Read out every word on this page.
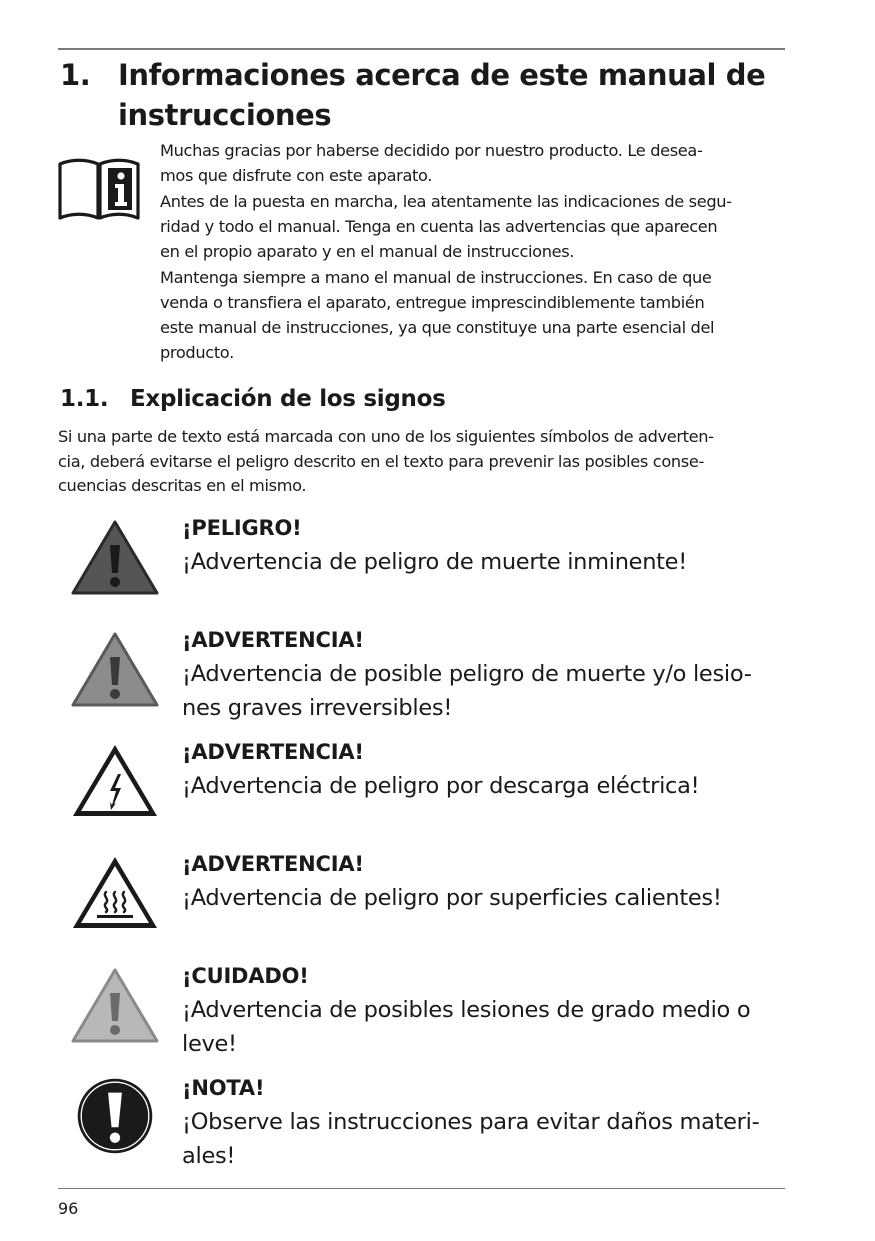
1. Informaciones acerca de este manual de
instrucciones

Muchas gracias por haberse decidido por nuestro producto. Le desea-
mos que disfrute con este aparato.

Antes de la puesta en marcha, lea atentamente las indicaciones de segu-
ridad y todo el manual. Tenga en cuenta las advertencias que aparecen
en el propio aparato y en el manual de instrucciones.

Mantenga siempre a mano el manual de instrucciones. En caso de que
venda o transfiera el aparato, entregue imprescindiblemente también
este manual de instrucciones, ya que constituye una parte esencial del
producto.

1.1. Explicación de los signos

Si una parte de texto está marcada con uno de los siguientes símbolos de adverten-

cia, deberá evitarse el peligro descrito en el texto para prevenir las posibles conse-

cuencias descritas en el mismo.

¡PELIGRO!
¡Advertencia de peligro de muerte inminente!
¡ADVERTENCIA!
¡Advertencia de posible peligro de muerte y/o lesio-
nes graves irreversibles!
¡ADVERTENCIA!
¡Advertencia de peligro por descarga eléctrica!
¡ADVERTENCIA!
¡Advertencia de peligro por superficies calientes!
¡CUIDADO!
¡Advertencia de posibles lesiones de grado medio o
leve!
¡NOTA!
¡Observe las instrucciones para evitar daños materi-
ales!
96
